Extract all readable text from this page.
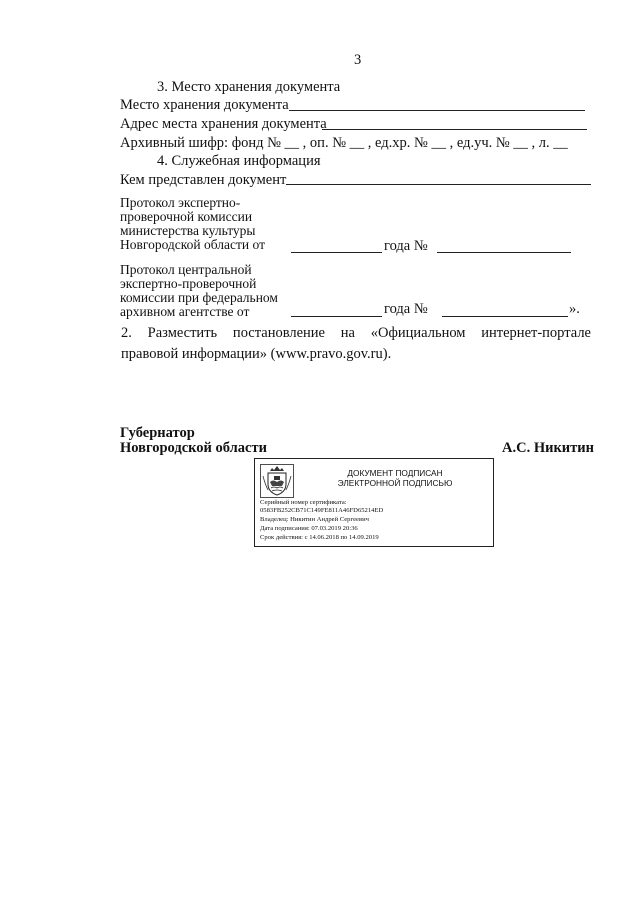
3
3. Место хранения документа
Место хранения документа
Адрес места хранения документа
Архивный шифр: фонд № __ , оп. № __ , ед.хр. № __ , ед.уч. № __ , л. __
4. Служебная информация
Кем представлен документ
Протокол экспертно-
проверочной комиссии
министерства культуры
Новгородской области от	года №
Протокол центральной
экспертно-проверочной
комиссии при федеральном
архивном агентстве от	года №	».
2. Разместить постановление на «Официальном интернет-портале
правовой информации» (www.pravo.gov.ru).
Губернатор
Новгородской области	А.С. Никитин
ДОКУМЕНТ ПОДПИСАН
ЭЛЕКТРОННОЙ ПОДПИСЬЮ
Серийный номер сертификата:
0583FB252CB71C149FE811A46FD65214ED
Владелец: Никитин Андрей Сергеевич
Дата подписания: 07.03.2019 20:36
Срок действия: с 14.06.2018 по 14.09.2019
